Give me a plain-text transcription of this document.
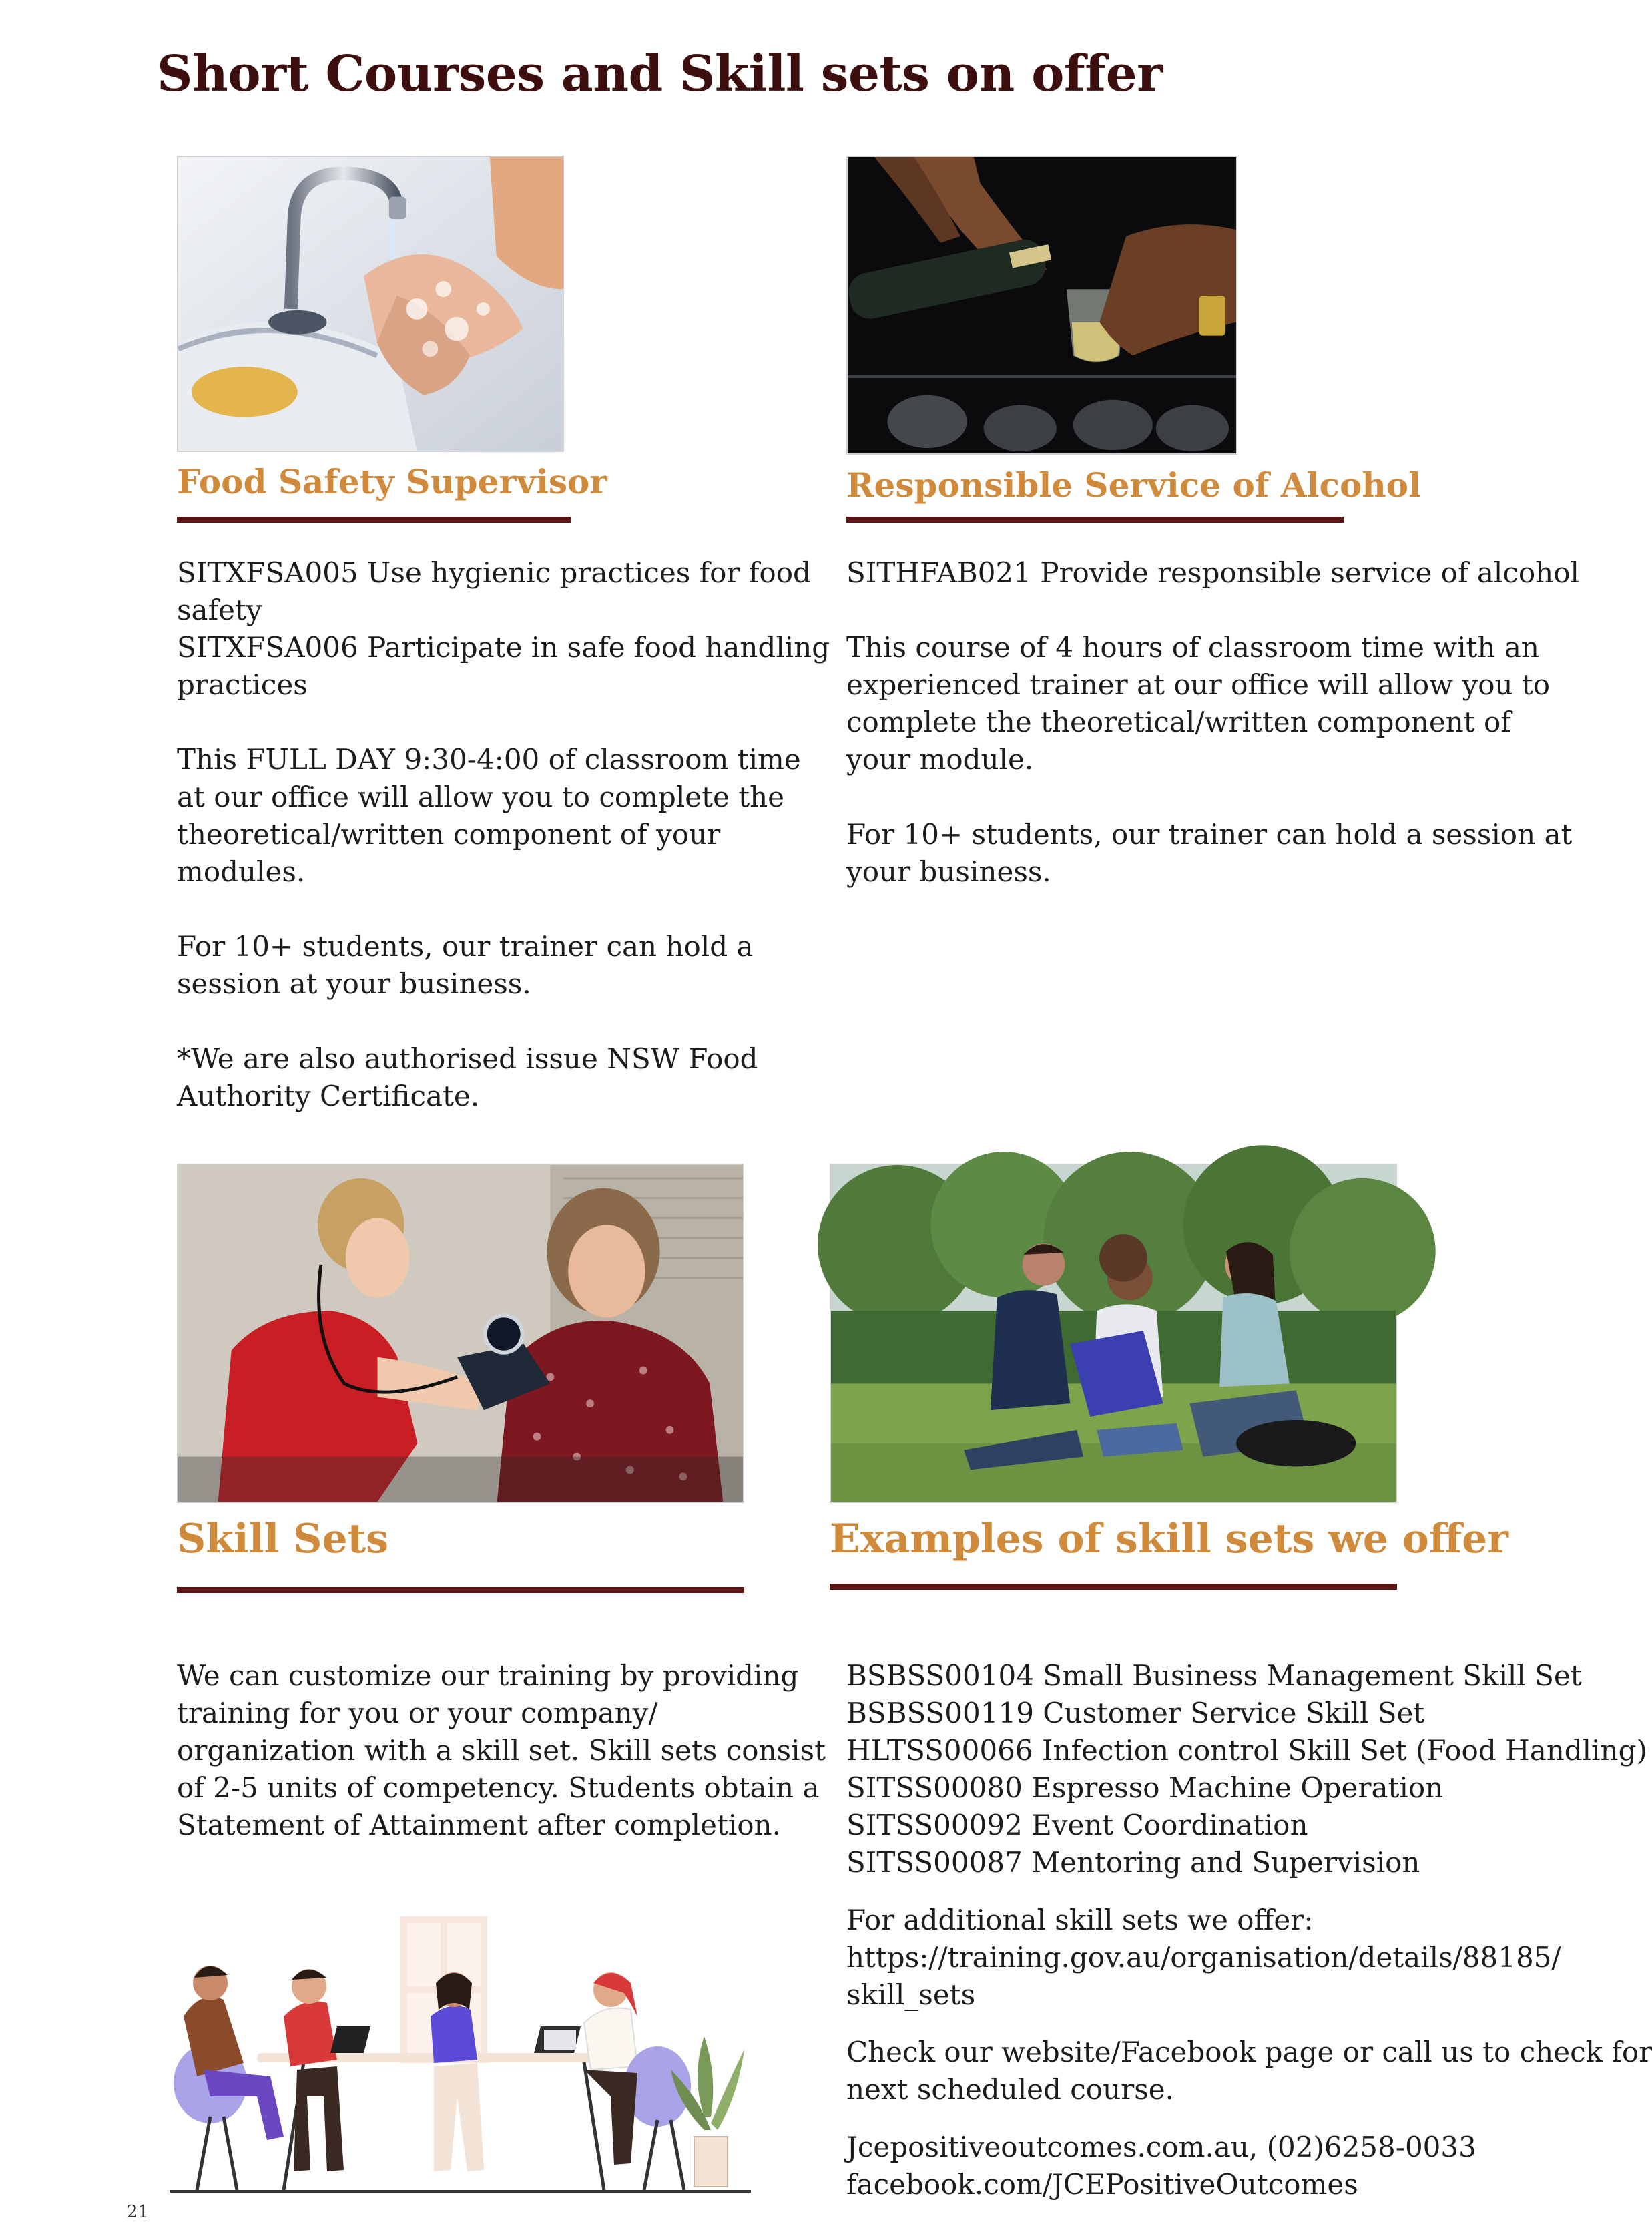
Short Courses and Skill sets on offer
Food Safety Supervisor

SITXFSA005 Use hygienic practices for food

safety

SITXFSA006 Participate in safe food handling

practices

This FULL DAY 9:30-4:00 of classroom time

at our office will allow you to complete the

theoretical/written component of your

modules.

For 10+ students, our trainer can hold a

session at your business.

*We are also authorised issue NSW Food

Authority Certificate.

Responsible Service of Alcohol

SITHFAB021 Provide responsible service of alcohol

This course of 4 hours of classroom time with an

experienced trainer at our office will allow you to

complete the theoretical/written component of

your module.

For 10+ students, our trainer can hold a session at

your business.

Skill Sets

We can customize our training by providing

training for you or your company/

organization with a skill set. Skill sets consist

of 2-5 units of competency. Students obtain a

Statement of Attainment after completion.

Examples of skill sets we offer

BSBSS00104 Small Business Management Skill Set

BSBSS00119 Customer Service Skill Set

HLTSS00066 Infection control Skill Set (Food Handling)

SITSS00080 Espresso Machine Operation

SITSS00092 Event Coordination

SITSS00087 Mentoring and Supervision

For additional skill sets we offer:

https://training.gov.au/organisation/details/88185/

skill_sets

Check our website/Facebook page or call us to check for

next scheduled course.

Jcepositiveoutcomes.com.au, (02)6258-0033

facebook.com/JCEPositiveOutcomes

21
